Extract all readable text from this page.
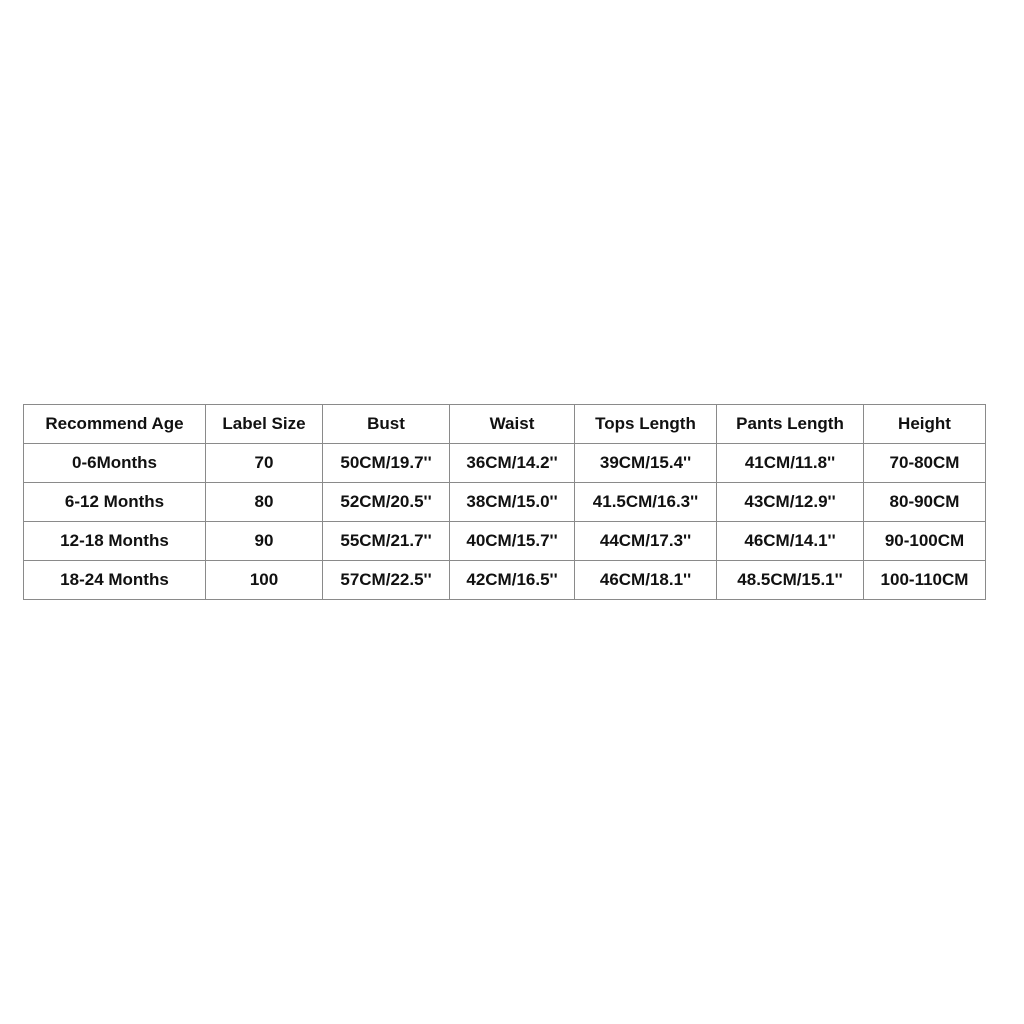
Recommend Age	Label Size	Bust	Waist	Tops Length	Pants Length	Height
0-6Months	70	50CM/19.7''	36CM/14.2''	39CM/15.4''	41CM/11.8''	70-80CM
6-12 Months	80	52CM/20.5''	38CM/15.0''	41.5CM/16.3''	43CM/12.9''	80-90CM
12-18 Months	90	55CM/21.7''	40CM/15.7''	44CM/17.3''	46CM/14.1''	90-100CM
18-24 Months	100	57CM/22.5''	42CM/16.5''	46CM/18.1''	48.5CM/15.1''	100-110CM
